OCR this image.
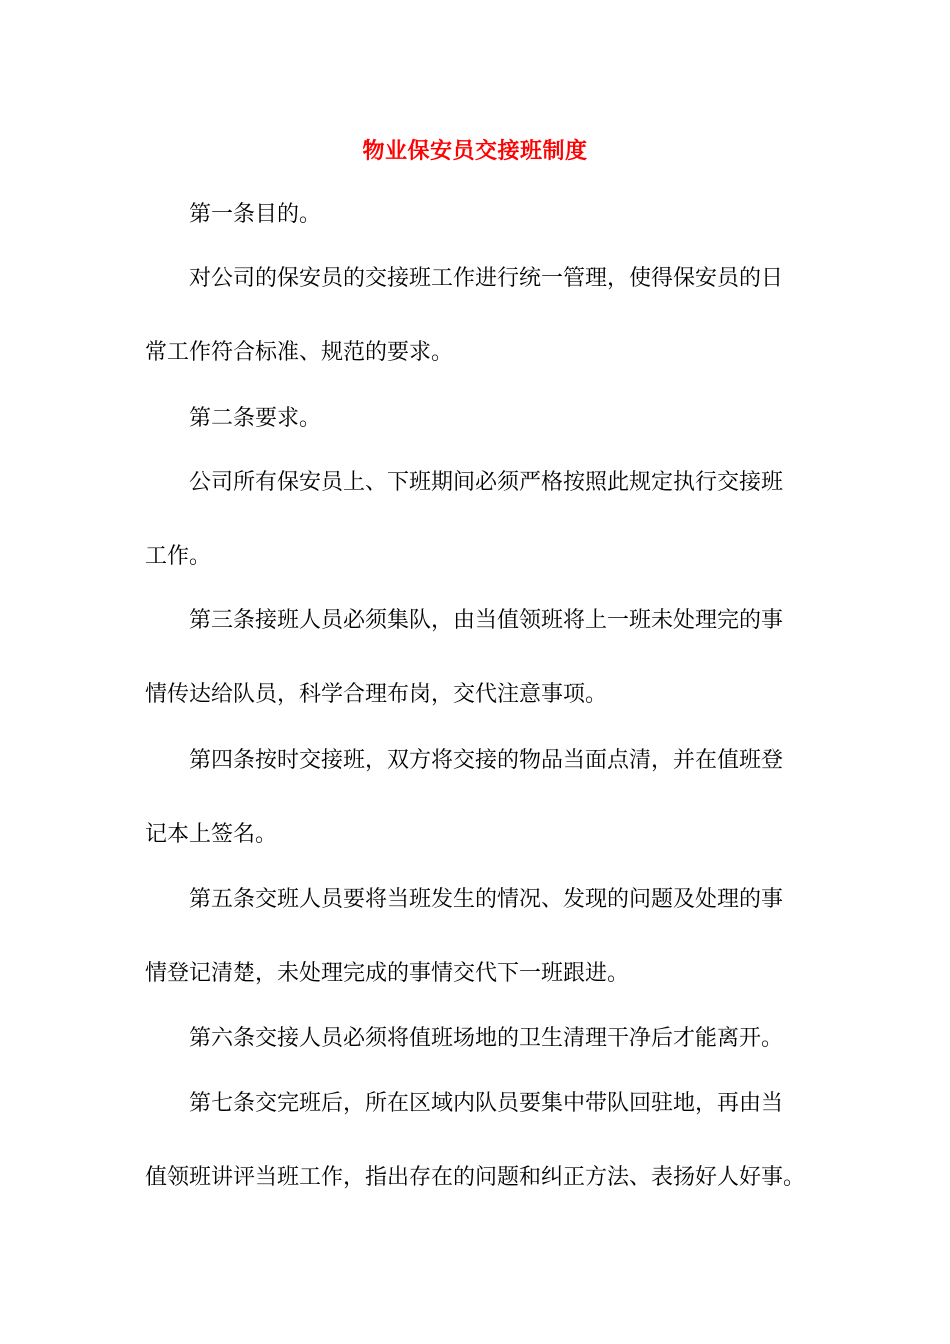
物业保安员交接班制度
第一条目的。
对公司的保安员的交接班工作进行统一管理，使得保安员的日
常工作符合标准、规范的要求。
第二条要求。
公司所有保安员上、下班期间必须严格按照此规定执行交接班
工作。
第三条接班人员必须集队，由当值领班将上一班未处理完的事
情传达给队员，科学合理布岗，交代注意事项。
第四条按时交接班，双方将交接的物品当面点清，并在值班登
记本上签名。
第五条交班人员要将当班发生的情况、发现的问题及处理的事
情登记清楚，未处理完成的事情交代下一班跟进。
第六条交接人员必须将值班场地的卫生清理干净后才能离开。
第七条交完班后，所在区域内队员要集中带队回驻地，再由当
值领班讲评当班工作，指出存在的问题和纠正方法、表扬好人好事。
